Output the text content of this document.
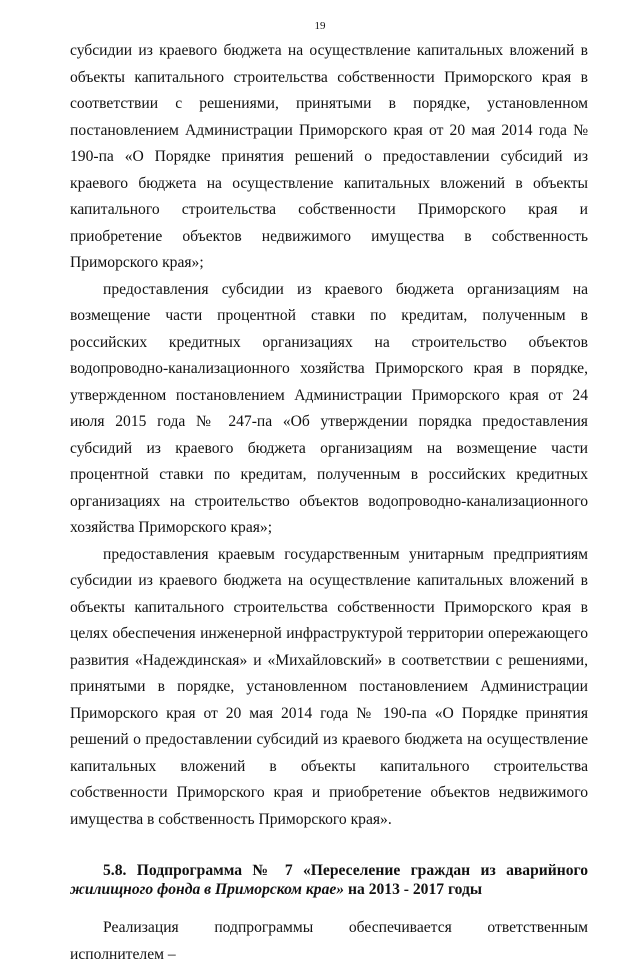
19

субсидии из краевого бюджета на осуществление капитальных вложений в объекты капитального строительства собственности Приморского края в соответствии с решениями, принятыми в порядке, установленном постановлением Администрации Приморского края от 20 мая 2014 года № 190-па «О Порядке принятия решений о предоставлении субсидий из краевого бюджета на осуществление капитальных вложений в объекты капитального строительства собственности Приморского края и приобретение объектов недвижимого имущества в собственность Приморского края»;

предоставления субсидии из краевого бюджета организациям на возмещение части процентной ставки по кредитам, полученным в российских кредитных организациях на строительство объектов водопроводно-канализационного хозяйства Приморского края в порядке, утвержденном постановлением Администрации Приморского края от 24 июля 2015 года № 247-па «Об утверждении порядка предоставления субсидий из краевого бюджета организациям на возмещение части процентной ставки по кредитам, полученным в российских кредитных организациях на строительство объектов водопроводно-канализационного хозяйства Приморского края»;

предоставления краевым государственным унитарным предприятиям субсидии из краевого бюджета на осуществление капитальных вложений в объекты капитального строительства собственности Приморского края в целях обеспечения инженерной инфраструктурой территории опережающего развития «Надеждинская» и «Михайловский» в соответствии с решениями, принятыми в порядке, установленном постановлением Администрации Приморского края от 20 мая 2014 года № 190-па «О Порядке принятия решений о предоставлении субсидий из краевого бюджета на осуществление капитальных вложений в объекты капитального строительства собственности Приморского края и приобретение объектов недвижимого имущества в собственность Приморского края».

5.8. Подпрограмма № 7 «Переселение граждан из аварийного жилищного фонда в Приморском крае» на 2013 - 2017 годы

Реализация подпрограммы обеспечивается ответственным исполнителем –
